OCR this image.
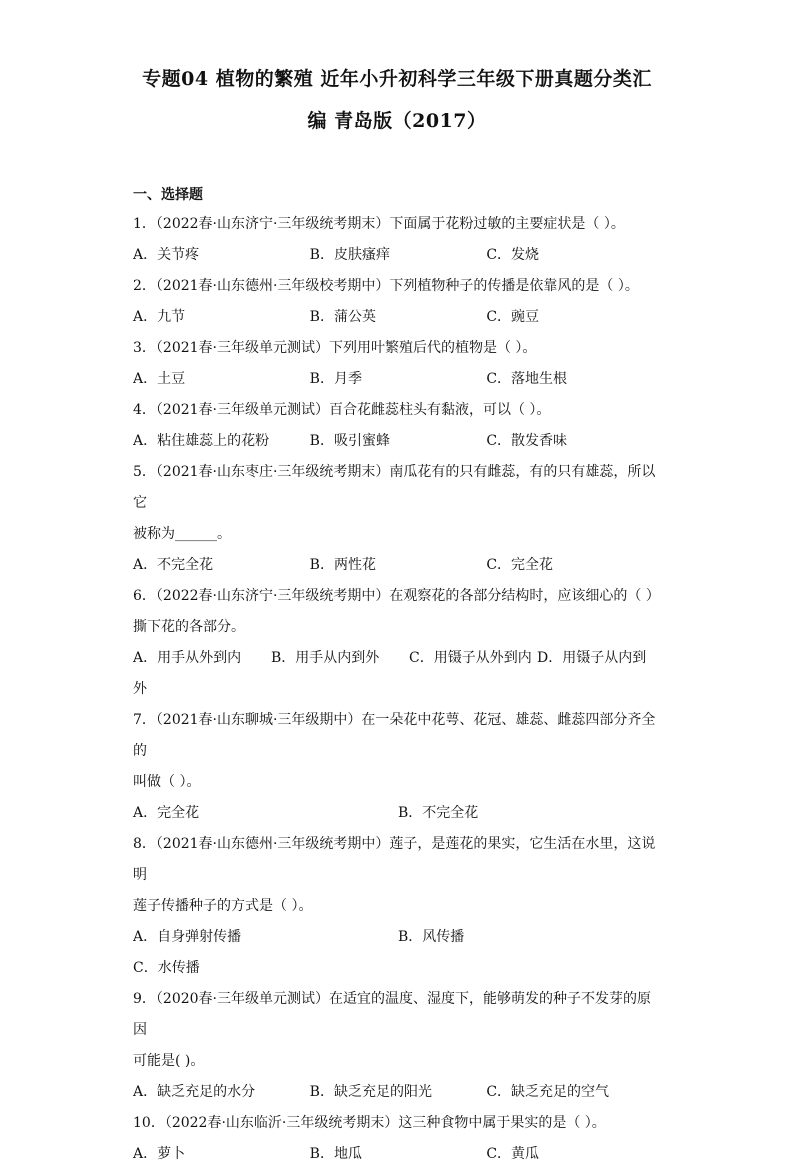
专题04 植物的繁殖 近年小升初科学三年级下册真题分类汇
编 青岛版（2017）
一、选择题
1．（2022春·山东济宁·三年级统考期末）下面属于花粉过敏的主要症状是（ ）。
A．关节疼	B．皮肤瘙痒	C．发烧
2．（2021春·山东德州·三年级校考期中）下列植物种子的传播是依靠风的是（ ）。
A．九节	B．蒲公英	C．豌豆
3．（2021春·三年级单元测试）下列用叶繁殖后代的植物是（ ）。
A．土豆	B．月季	C．落地生根
4．（2021春·三年级单元测试）百合花雌蕊柱头有黏液，可以（ ）。
A．粘住雄蕊上的花粉	B．吸引蜜蜂	C．散发香味
5．（2021春·山东枣庄·三年级统考期末）南瓜花有的只有雌蕊，有的只有雄蕊，所以它
被称为______。
A．不完全花	B．两性花	C．完全花
6．（2022春·山东济宁·三年级统考期中）在观察花的各部分结构时，应该细心的（ ）
撕下花的各部分。
A．用手从外到内	B．用手从内到外	C．用镊子从外到内 D．用镊子从内到
外
7．（2021春·山东聊城·三年级期中）在一朵花中花萼、花冠、雄蕊、雌蕊四部分齐全的
叫做（ ）。
A．完全花	B．不完全花
8．（2021春·山东德州·三年级统考期中）莲子，是莲花的果实，它生活在水里，这说明
莲子传播种子的方式是（ ）。
A．自身弹射传播	B．风传播
C．水传播
9．（2020春·三年级单元测试）在适宜的温度、湿度下，能够萌发的种子不发芽的原因
可能是( )。
A．缺乏充足的水分	B．缺乏充足的阳光	C．缺乏充足的空气
10．（2022春·山东临沂·三年级统考期末）这三种食物中属于果实的是（ ）。
A．萝卜	B．地瓜	C．黄瓜
